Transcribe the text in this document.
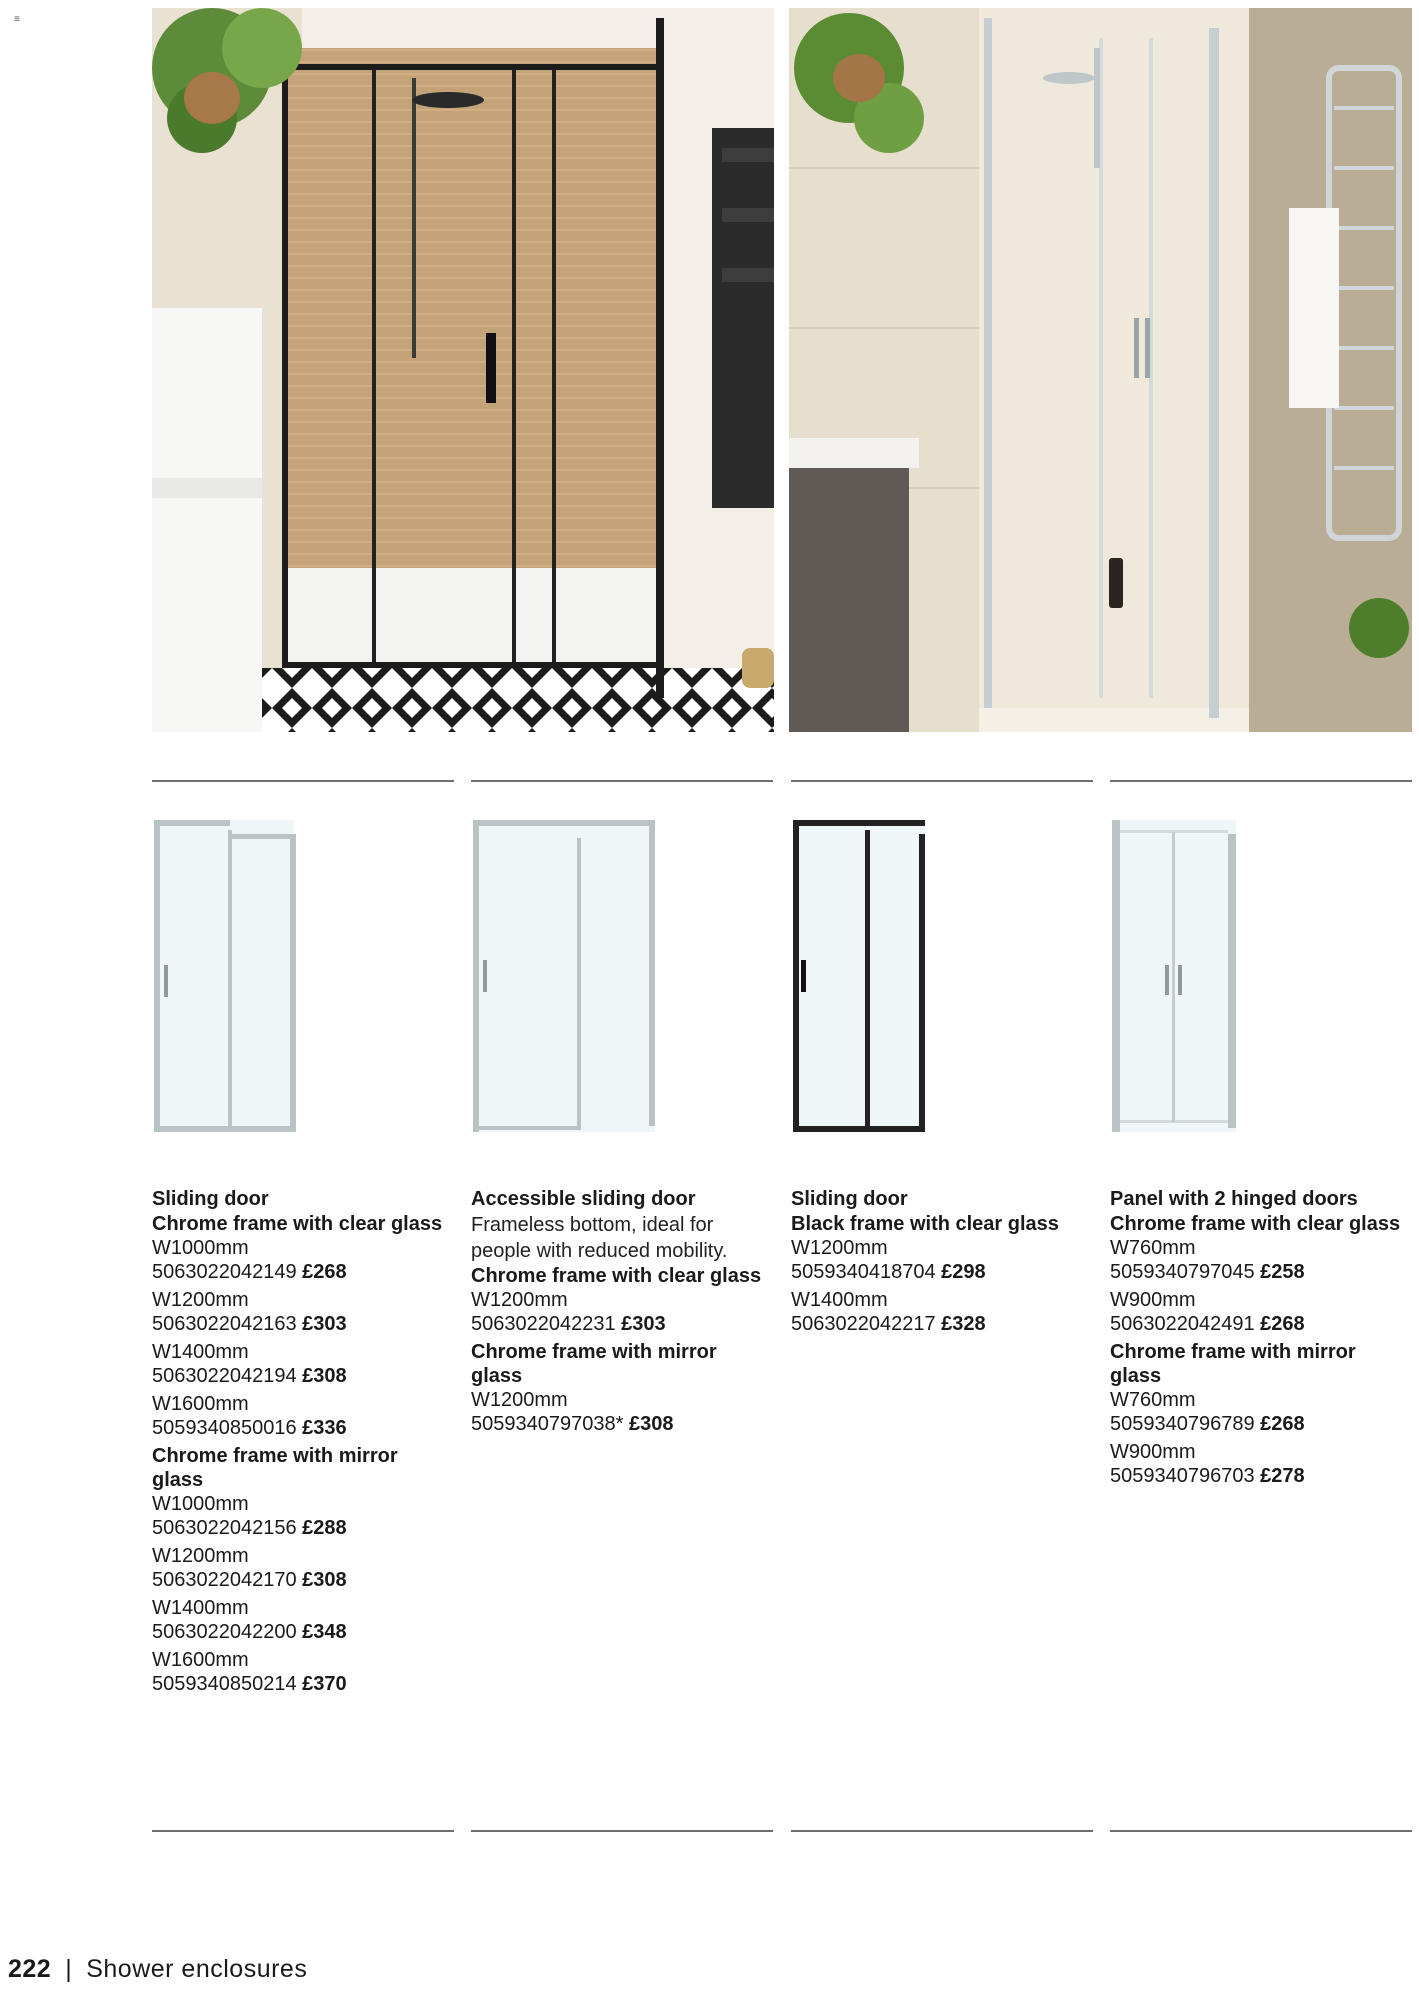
≡

Sliding door

Chrome frame with clear glass

W1000mm
5063022042149 £268

W1200mm
5063022042163 £303

W1400mm
5063022042194 £308

W1600mm
5059340850016 £336

Chrome frame with mirror glass

W1000mm
5063022042156 £288

W1200mm
5063022042170 £308

W1400mm
5063022042200 £348

W1600mm
5059340850214 £370

Accessible sliding door

Frameless bottom, ideal for people with reduced mobility.

Chrome frame with clear glass

W1200mm
5063022042231 £303

Chrome frame with mirror glass

W1200mm
5059340797038* £308

Sliding door

Black frame with clear glass

W1200mm
5059340418704 £298

W1400mm
5063022042217 £328

Panel with 2 hinged doors

Chrome frame with clear glass

W760mm
5059340797045 £258

W900mm
5063022042491 £268

Chrome frame with mirror glass

W760mm
5059340796789 £268

W900mm
5059340796703 £278

222 | Shower enclosures
